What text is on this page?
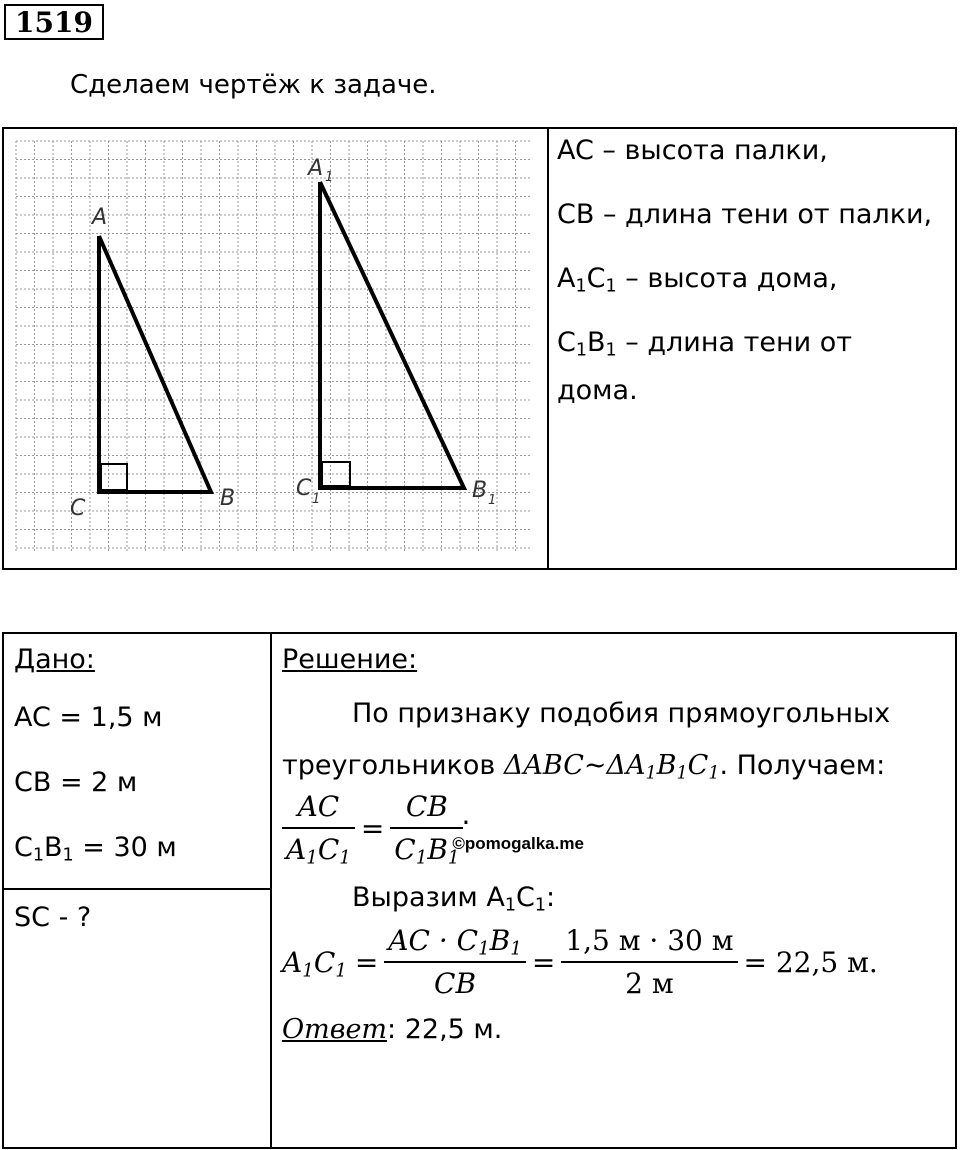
1519
Сделаем чертёж к задаче.
A
C	B
A 1
C 1	B 1
AC – высота палки,
CB – длина тени от палки,
$A_1C_1$ – высота дома,
$C_1B_1$ – длина тени от
дома.
Дано:
AC = 1,5 м
CB = 2 м
$C_1B_1 = 30$ м
SC - ?
Решение:
По признаку подобия прямоугольных
треугольников $\Delta ABC\sim\Delta A_1B_1C_1$. Получаем:
$\frac{AC}{A_1C_1} = \frac{CB}{C_1B_1}$
.
©pomogalka.me
Выразим $A_1C_1$:
$A_1C_1 = \frac{AC \cdot C_1B_1}{CB} = \frac{1,5 м \cdot 30 м}{2 м} = 22,5$ м.
Ответ: 22,5 м.
